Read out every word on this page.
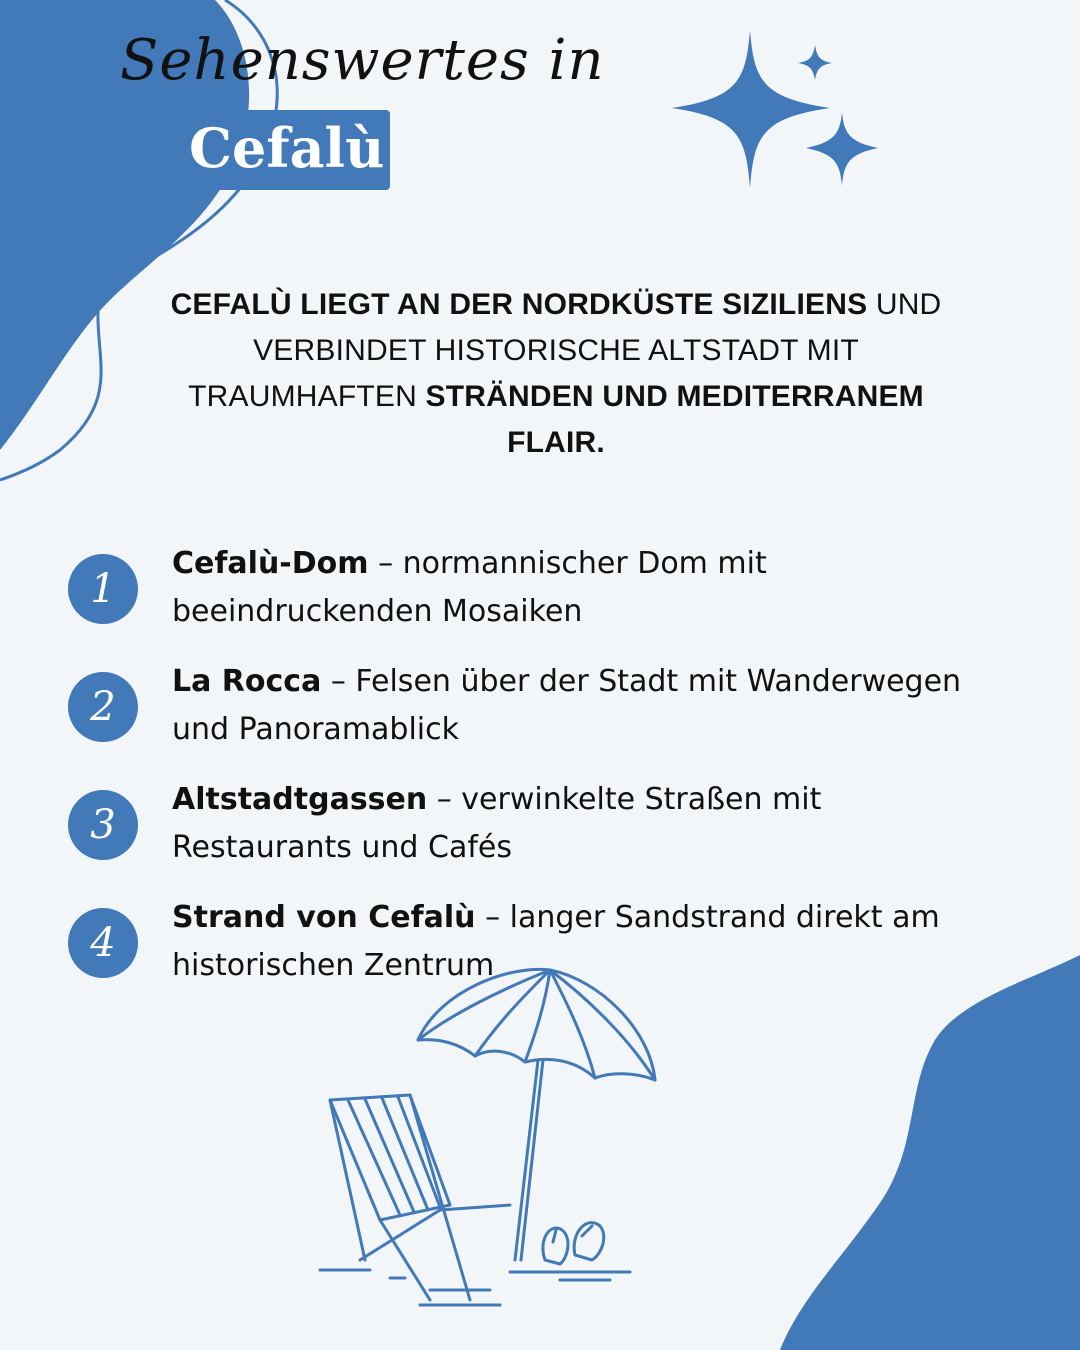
Sehenswertes in
Cefalù
CEFALÙ LIEGT AN DER NORDKÜSTE SIZILIENS UND VERBINDET HISTORISCHE ALTSTADT MIT TRAUMHAFTEN STRÄNDEN UND MEDITERRANEM FLAIR.
1
Cefalù-Dom – normannischer Dom mit beeindruckenden Mosaiken
2
La Rocca – Felsen über der Stadt mit Wanderwegen und Panoramablick
3
Altstadtgassen – verwinkelte Straßen mit Restaurants und Cafés
4
Strand von Cefalù – langer Sandstrand direkt am historischen Zentrum
